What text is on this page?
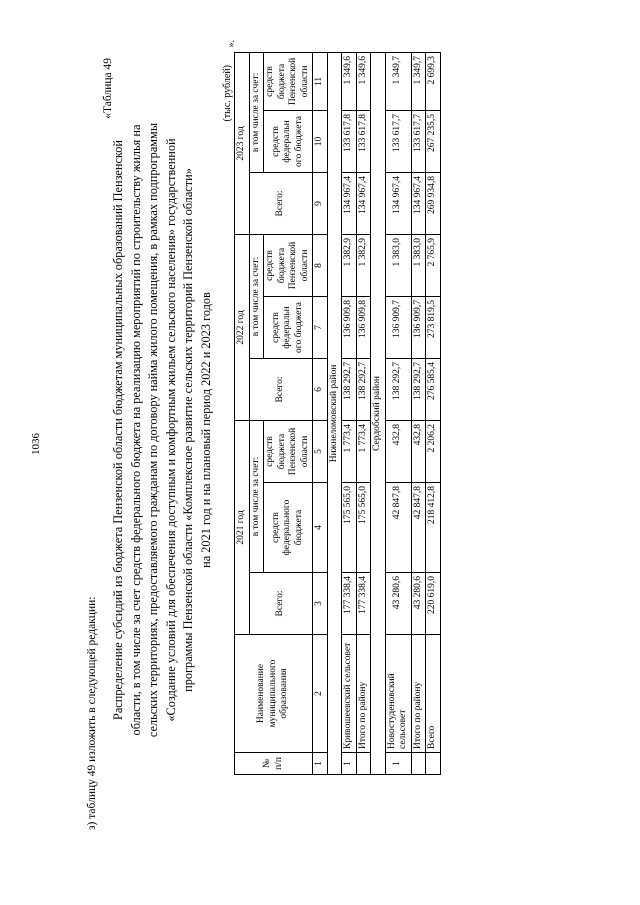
1036
з) таблицу 49 изложить в следующей редакции:
«Таблица 49
Распределение субсидий из бюджета Пензенской области бюджетам муниципальных образований Пензенской области, в том числе за счет средств федерального бюджета на реализацию мероприятий по строительству жилья на сельских территориях, предоставляемого гражданам по договору найма жилого помещения, в рамках подпрограммы «Создание условий для обеспечения доступным и комфортным жильем сельского населения» государственной программы Пензенской области «Комплексное развитие сельских территорий Пензенской области» на 2021 год и на плановый период 2022 и 2023 годов
(тыс. рублей)
№ п/п	Наименование муниципального образования	2021 год			2022 год			2023 год		
		Всего:	в том числе за счет:		Всего:	в том числе за счет:		Всего:	в том числе за счет:	
			средств федерального бюджета	средств бюджета Пензенской области		средств федеральн ого бюджета	средств бюджета Пензенской области		средств федеральн ого бюджета	средств бюджета Пензенской области
1	2	3	4	5	6	7	8	9	10	11
Нижнеломовский район										
1	Кривошеевский сельсовет	177 338,4	175 565,0	1 773,4	138 292,7	136 909,8	1 382,9	134 967,4	133 617,8	1 349,6
	Итого по району	177 338,4	175 565,0	1 773,4	138 292,7	136 909,8	1 382,9	134 967,4	133 617,8	1 349,6
Сердобский район										
1	Новостуденовский сельсовет	43 280,6	42 847,8	432,8	138 292,7	136 909,7	1 383,0	134 967,4	133 617,7	1 349,7
	Итого по району	43 280,6	42 847,8	432,8	138 292,7	136 909,7	1 383,0	134 967,4	133 617,7	1 349,7
	Всего	220 619,0	218 412,8	2 206,2	276 585,4	273 819,5	2 765,9	269 934,8	267 235,5	2 699,3
».
